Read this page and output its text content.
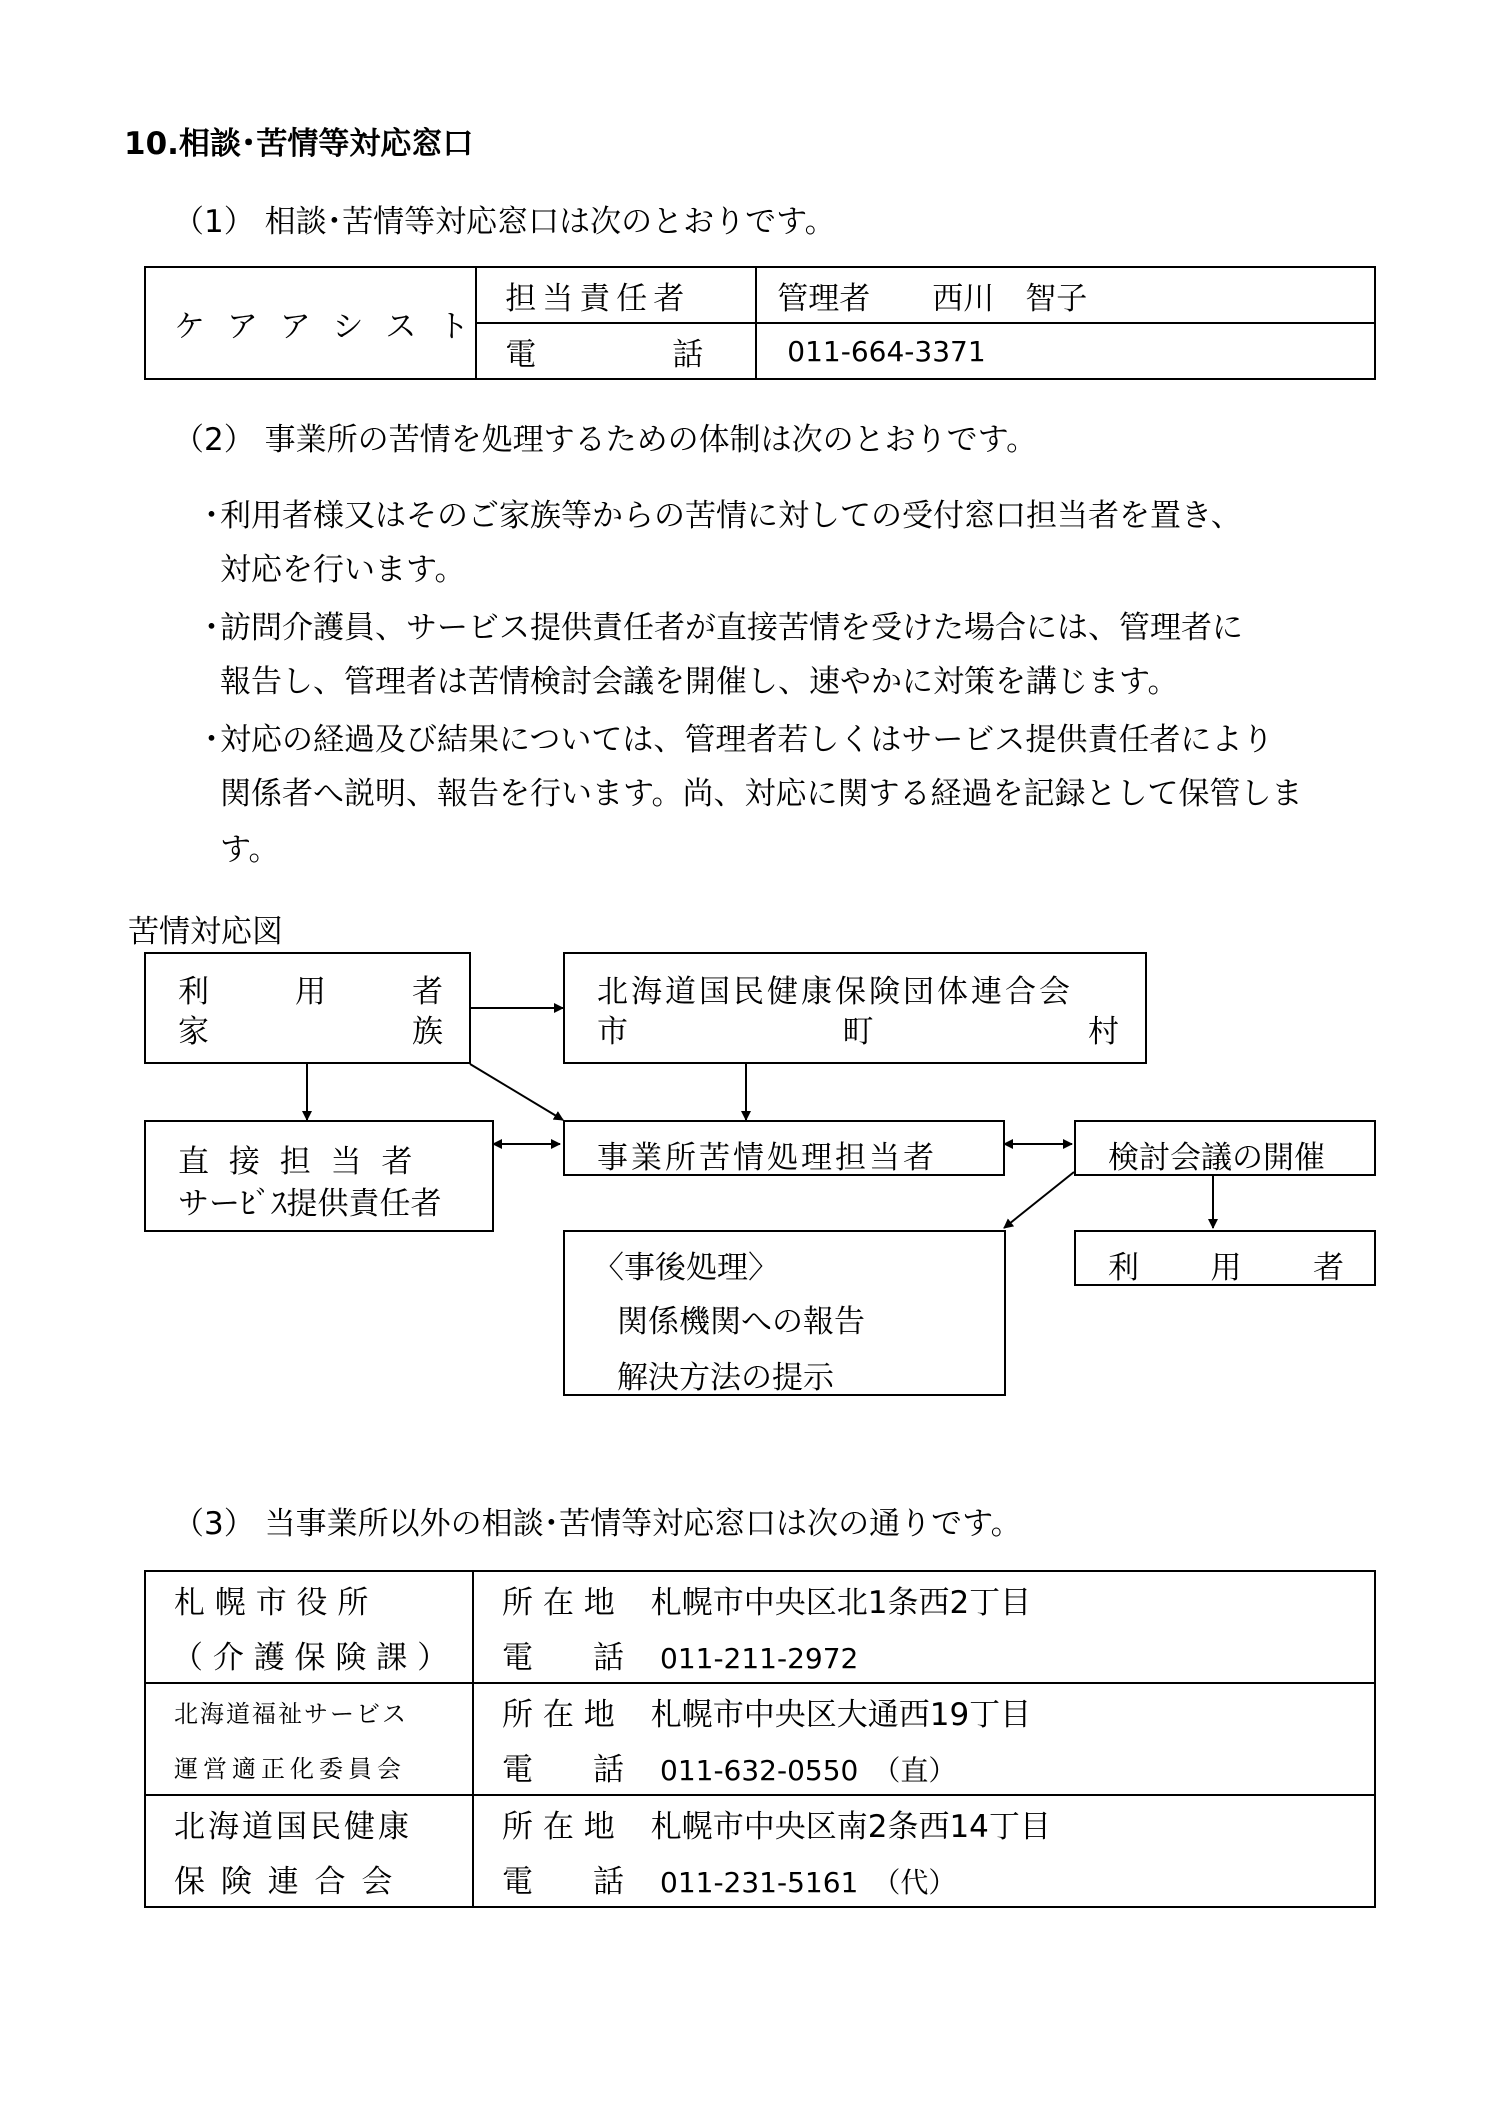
10.相談･苦情等対応窓口
（1） 相談･苦情等対応窓口は次のとおりです。
ケ ア ア シ ス ト	担当責任者	管理者　　西川　智子

	電 話	011-664-3371
（2） 事業所の苦情を処理するための体制は次のとおりです。
・
利用者様又はそのご家族等からの苦情に対しての受付窓口担当者を置き、
対応を行います。
・
訪問介護員、サービス提供責任者が直接苦情を受けた場合には、管理者に
報告し、管理者は苦情検討会議を開催し、速やかに対策を講じます。
・
対応の経過及び結果については、管理者若しくはサービス提供責任者により
関係者へ説明、報告を行います。尚、対応に関する経過を記録として保管しま
す。
苦情対応図
利	用	者
家	族
北海道国民健康保険団体連合会
市	町	村
直 接 担 当 者
サーﾋﾞｽ提供責任者
事業所苦情処理担当者	検討会議の開催
〈事後処理〉
関係機関への報告
解決方法の提示
利 用 者
（3） 当事業所以外の相談･苦情等対応窓口は次の通りです。
札 幌 市 役 所	所 在 地 札幌市中央区北1条西2丁目

（ 介 護 保 険 課 ）	電 話 011-211-2972

北海道福祉サービス	所 在 地 札幌市中央区大通西19丁目

運営適正化委員会	電 話 011-632-0550　（直）

北海道国民健康	所 在 地 札幌市中央区南2条西14丁目

保 険 連 合 会	電 話 011-231-5161　（代）
